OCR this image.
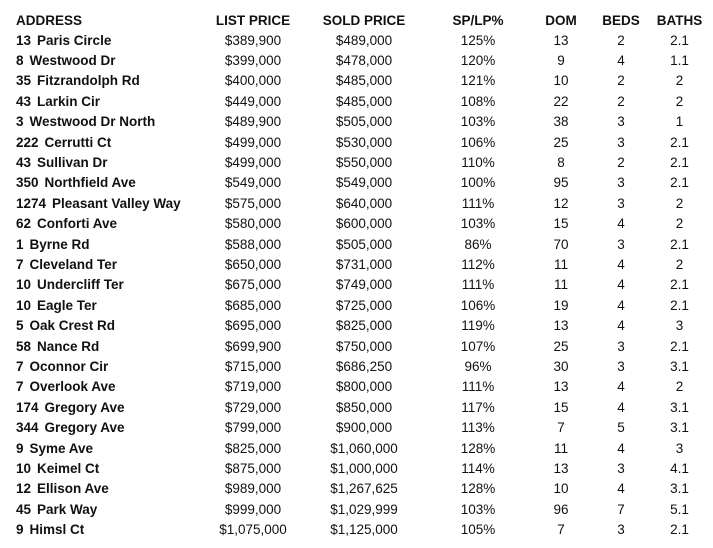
ADDRESS	LIST PRICE	SOLD PRICE	SP/LP%	DOM	BEDS	BATHS
13 Paris Circle	$389,900	$489,000	125%	13	2	2.1
8 Westwood Dr	$399,000	$478,000	120%	9	4	1.1
35 Fitzrandolph Rd	$400,000	$485,000	121%	10	2	2
43 Larkin Cir	$449,000	$485,000	108%	22	2	2
3 Westwood Dr North	$489,900	$505,000	103%	38	3	1
222 Cerrutti Ct	$499,000	$530,000	106%	25	3	2.1
43 Sullivan Dr	$499,000	$550,000	110%	8	2	2.1
350 Northfield Ave	$549,000	$549,000	100%	95	3	2.1
1274 Pleasant Valley Way	$575,000	$640,000	111%	12	3	2
62 Conforti Ave	$580,000	$600,000	103%	15	4	2
1 Byrne Rd	$588,000	$505,000	86%	70	3	2.1
7 Cleveland Ter	$650,000	$731,000	112%	11	4	2
10 Undercliff Ter	$675,000	$749,000	111%	11	4	2.1
10 Eagle Ter	$685,000	$725,000	106%	19	4	2.1
5 Oak Crest Rd	$695,000	$825,000	119%	13	4	3
58 Nance Rd	$699,900	$750,000	107%	25	3	2.1
7 Oconnor Cir	$715,000	$686,250	96%	30	3	3.1
7 Overlook Ave	$719,000	$800,000	111%	13	4	2
174 Gregory Ave	$729,000	$850,000	117%	15	4	3.1
344 Gregory Ave	$799,000	$900,000	113%	7	5	3.1
9 Syme Ave	$825,000	$1,060,000	128%	11	4	3
10 Keimel Ct	$875,000	$1,000,000	114%	13	3	4.1
12 Ellison Ave	$989,000	$1,267,625	128%	10	4	3.1
45 Park Way	$999,000	$1,029,999	103%	96	7	5.1
9 Himsl Ct	$1,075,000	$1,125,000	105%	7	3	2.1
